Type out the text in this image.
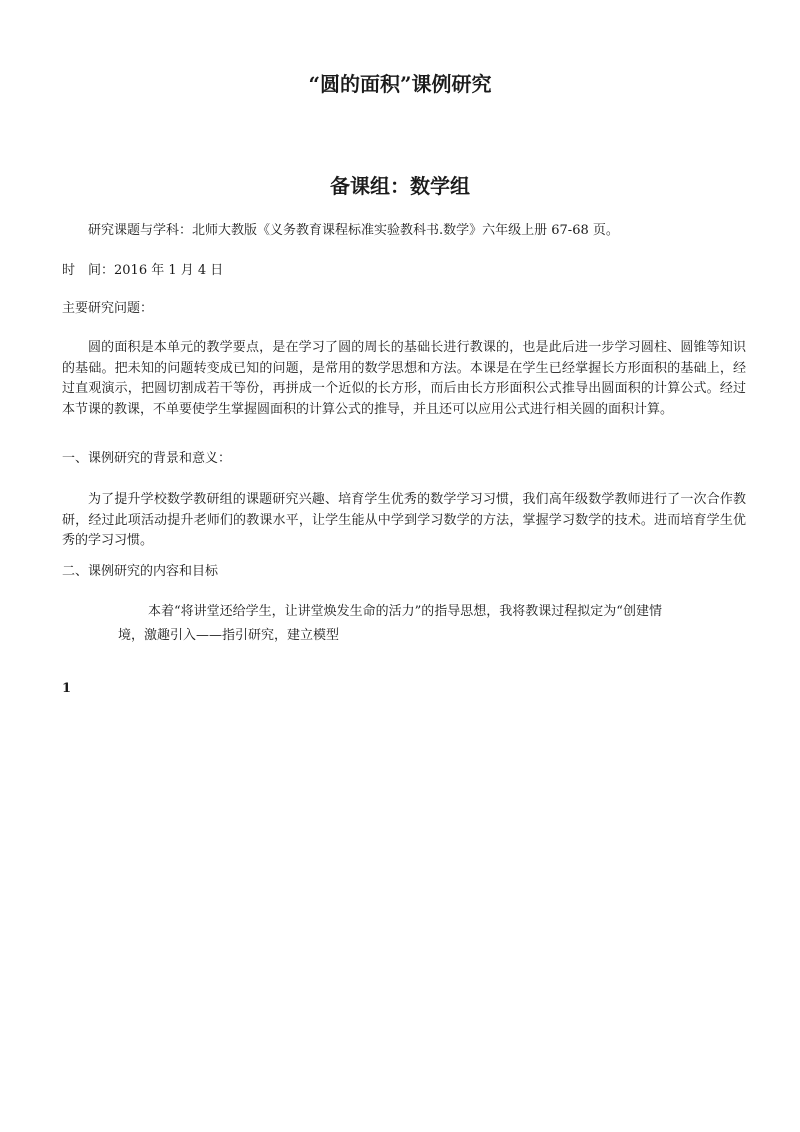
“圆的面积”课例研究
备课组：数学组

研究课题与学科：北师大教版《义务教育课程标准实验教科书.数学》六年级上册 67-68 页。

时　间：2016 年 1 月 4 日

主要研究问题：

圆的面积是本单元的教学要点，是在学习了圆的周长的基础长进行教课的，也是此后进一步学习圆柱、圆锥等知识的基础。把未知的问题转变成已知的问题，是常用的数学思想和方法。本课是在学生已经掌握长方形面积的基础上，经过直观演示，把圆切割成若干等份，再拼成一个近似的长方形，而后由长方形面积公式推导出圆面积的计算公式。经过本节课的教课，不单要使学生掌握圆面积的计算公式的推导，并且还可以应用公式进行相关圆的面积计算。

一、课例研究的背景和意义：

为了提升学校数学教研组的课题研究兴趣、培育学生优秀的数学学习习惯，我们高年级数学教师进行了一次合作教研，经过此项活动提升老师们的教课水平，让学生能从中学到学习数学的方法，掌握学习数学的技术。进而培育学生优秀的学习习惯。

二、课例研究的内容和目标

本着“将讲堂还给学生，让讲堂焕发生命的活力”的指导思想，我将教课过程拟定为“创建情境，激趣引入——指引研究，建立模型

1
